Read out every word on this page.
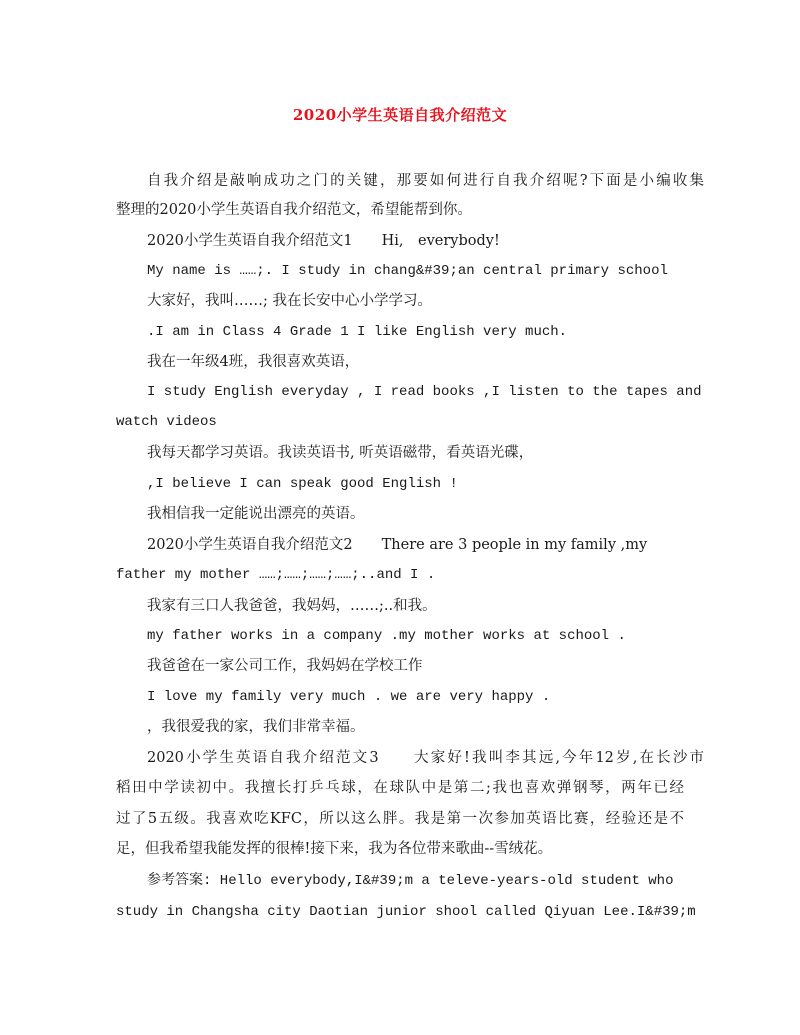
2020小学生英语自我介绍范文
自我介绍是敲响成功之门的关键，那要如何进行自我介绍呢?下面是小编收集
整理的2020小学生英语自我介绍范文，希望能帮到你。
2020小学生英语自我介绍范文1　　Hi,　everybody!
My name is ……;. I study in chang&#39;an central primary school
大家好，我叫……; 我在长安中心小学学习。
.I am in Class 4 Grade 1 I like English very much.
我在一年级4班，我很喜欢英语，
I study English everyday , I read books ,I listen to the tapes and
watch videos
我每天都学习英语。我读英语书, 听英语磁带，看英语光碟，
,I believe I can speak good English !
我相信我一定能说出漂亮的英语。
2020小学生英语自我介绍范文2　　There are 3 people in my family ,my
father my mother ……;……;……;……;..and I .
我家有三口人我爸爸，我妈妈，……;..和我。
my father works in a company .my mother works at school .
我爸爸在一家公司工作，我妈妈在学校工作
I love my family very much . we are very happy .
，我很爱我的家，我们非常幸福。
2020小学生英语自我介绍范文3　　大家好!我叫李其远,今年12岁,在长沙市
稻田中学读初中。我擅长打乒乓球，在球队中是第二;我也喜欢弹钢琴，两年已经
过了5五级。我喜欢吃KFC，所以这么胖。我是第一次参加英语比赛，经验还是不
足，但我希望我能发挥的很棒!接下来，我为各位带来歌曲--雪绒花。
参考答案: Hello everybody,I&#39;m a televe-years-old student who
study in Changsha city Daotian junior shool called Qiyuan Lee.I&#39;m
